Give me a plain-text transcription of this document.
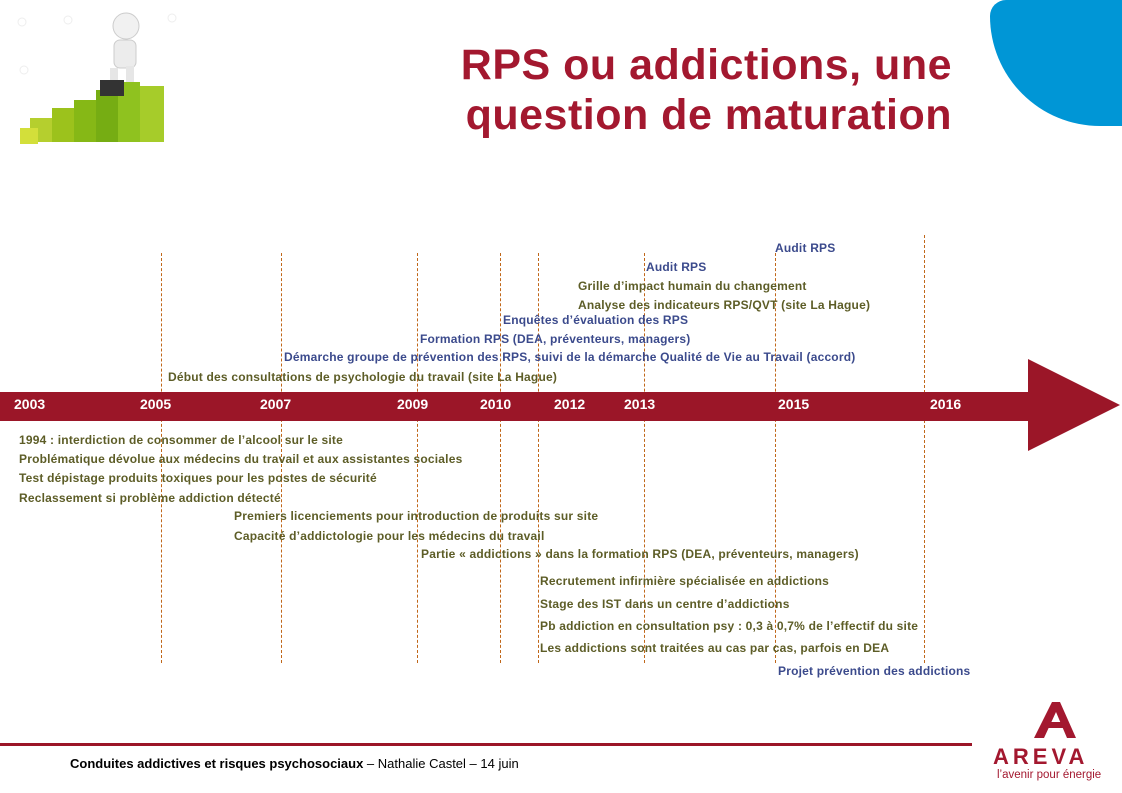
RPS ou addictions, une
question de maturation
2003	2005	2007	2009	2010	2012	2013	2015	2016
Audit RPS
Audit RPS
Grille d’impact humain du changement
Analyse des indicateurs RPS/QVT (site La Hague)
Enquêtes d’évaluation des RPS
Formation RPS (DEA, préventeurs, managers)
Démarche groupe de prévention des RPS, suivi de la démarche Qualité de Vie au Travail (accord)
Début des consultations de psychologie du travail (site La Hague)
1994 : interdiction de consommer de l’alcool sur le site
Problématique dévolue aux médecins du travail et aux assistantes sociales
Test dépistage produits toxiques pour les postes de sécurité
Reclassement si problème addiction détecté
Premiers licenciements pour introduction de produits sur site
Capacité d’addictologie pour les médecins du travail
Partie « addictions » dans la formation RPS (DEA, préventeurs, managers)
Recrutement infirmière spécialisée en addictions
Stage des IST dans un centre d’addictions
Pb addiction en consultation psy : 0,3 à 0,7% de l’effectif du site
Les addictions sont traitées au cas par cas, parfois en DEA
Projet prévention des addictions
Conduites addictives et risques psychosociaux – Nathalie Castel – 14 juin	AREVA
l’avenir pour énergie
